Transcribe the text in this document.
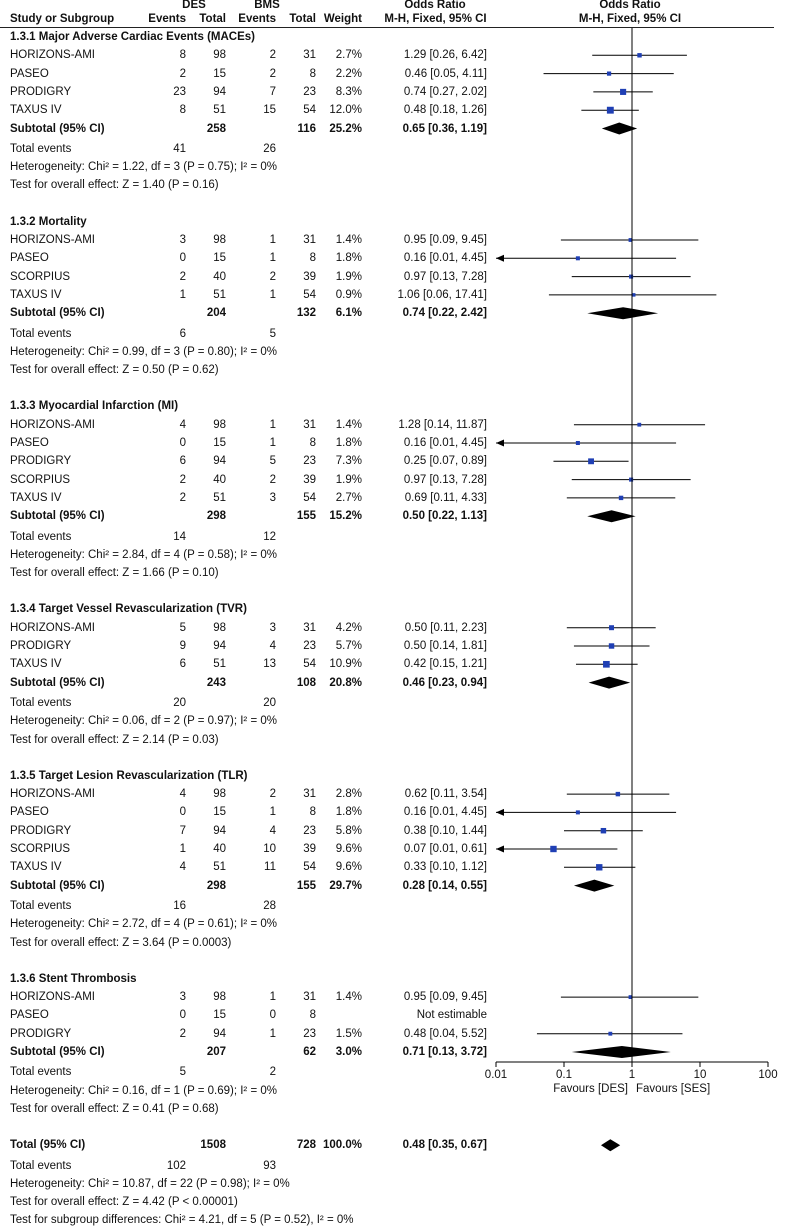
DES	BMS	Odds Ratio	Odds Ratio
Study or Subgroup	Events	Total	Events	Total Weight	M-H, Fixed, 95% CI	M-H, Fixed, 95% CI
1.3.1 Major Adverse Cardiac Events (MACEs)
HORIZONS-AMI	8	98	2	31	2.7%	1.29 [0.26, 6.42]
PASEO	2	15	2	8	2.2%	0.46 [0.05, 4.11]
PRODIGRY	23	94	7	23	8.3%	0.74 [0.27, 2.02]
TAXUS IV	8	51	15	54	12.0%	0.48 [0.18, 1.26]
Subtotal (95% CI)	258	116	25.2%	0.65 [0.36, 1.19]
Total events	41	26
Heterogeneity: Chi² = 1.22, df = 3 (P = 0.75); I² = 0%
Test for overall effect: Z = 1.40 (P = 0.16)
1.3.2 Mortality
HORIZONS-AMI	3	98	1	31	1.4%	0.95 [0.09, 9.45]
PASEO	0	15	1	8	1.8%	0.16 [0.01, 4.45]
SCORPIUS	2	40	2	39	1.9%	0.97 [0.13, 7.28]
TAXUS IV	1	51	1	54	0.9%	1.06 [0.06, 17.41]
Subtotal (95% CI)	204	132	6.1%	0.74 [0.22, 2.42]
Total events	6	5
Heterogeneity: Chi² = 0.99, df = 3 (P = 0.80); I² = 0%
Test for overall effect: Z = 0.50 (P = 0.62)
1.3.3 Myocardial Infarction (MI)
HORIZONS-AMI	4	98	1	31	1.4%	1.28 [0.14, 11.87]
PASEO	0	15	1	8	1.8%	0.16 [0.01, 4.45]
PRODIGRY	6	94	5	23	7.3%	0.25 [0.07, 0.89]
SCORPIUS	2	40	2	39	1.9%	0.97 [0.13, 7.28]
TAXUS IV	2	51	3	54	2.7%	0.69 [0.11, 4.33]
Subtotal (95% CI)	298	155	15.2%	0.50 [0.22, 1.13]
Total events	14	12
Heterogeneity: Chi² = 2.84, df = 4 (P = 0.58); I² = 0%
Test for overall effect: Z = 1.66 (P = 0.10)
1.3.4 Target Vessel Revascularization (TVR)
HORIZONS-AMI	5	98	3	31	4.2%	0.50 [0.11, 2.23]
PRODIGRY	9	94	4	23	5.7%	0.50 [0.14, 1.81]
TAXUS IV	6	51	13	54	10.9%	0.42 [0.15, 1.21]
Subtotal (95% CI)	243	108	20.8%	0.46 [0.23, 0.94]
Total events	20	20
Heterogeneity: Chi² = 0.06, df = 2 (P = 0.97); I² = 0%
Test for overall effect: Z = 2.14 (P = 0.03)
1.3.5 Target Lesion Revascularization (TLR)
HORIZONS-AMI	4	98	2	31	2.8%	0.62 [0.11, 3.54]
PASEO	0	15	1	8	1.8%	0.16 [0.01, 4.45]
PRODIGRY	7	94	4	23	5.8%	0.38 [0.10, 1.44]
SCORPIUS	1	40	10	39	9.6%	0.07 [0.01, 0.61]
TAXUS IV	4	51	11	54	9.6%	0.33 [0.10, 1.12]
Subtotal (95% CI)	298	155	29.7%	0.28 [0.14, 0.55]
Total events	16	28
Heterogeneity: Chi² = 2.72, df = 4 (P = 0.61); I² = 0%
Test for overall effect: Z = 3.64 (P = 0.0003)
1.3.6 Stent Thrombosis
HORIZONS-AMI	3	98	1	31	1.4%	0.95 [0.09, 9.45]
PASEO	0	15	0	8	Not estimable
PRODIGRY	2	94	1	23	1.5%	0.48 [0.04, 5.52]
Subtotal (95% CI)	207	62	3.0%	0.71 [0.13, 3.72]
Total events	5	2
Heterogeneity: Chi² = 0.16, df = 1 (P = 0.69); I² = 0%
Test for overall effect: Z = 0.41 (P = 0.68)
Total (95% CI)	1508	728 100.0%	0.48 [0.35, 0.67]
Total events	102	93
Heterogeneity: Chi² = 10.87, df = 22 (P = 0.98); I² = 0%
Test for overall effect: Z = 4.42 (P < 0.00001)
Test for subgroup differences: Chi² = 4.21, df = 5 (P = 0.52), I² = 0%
0.01	0.1	1	10	100
Favours [DES] Favours [SES]
